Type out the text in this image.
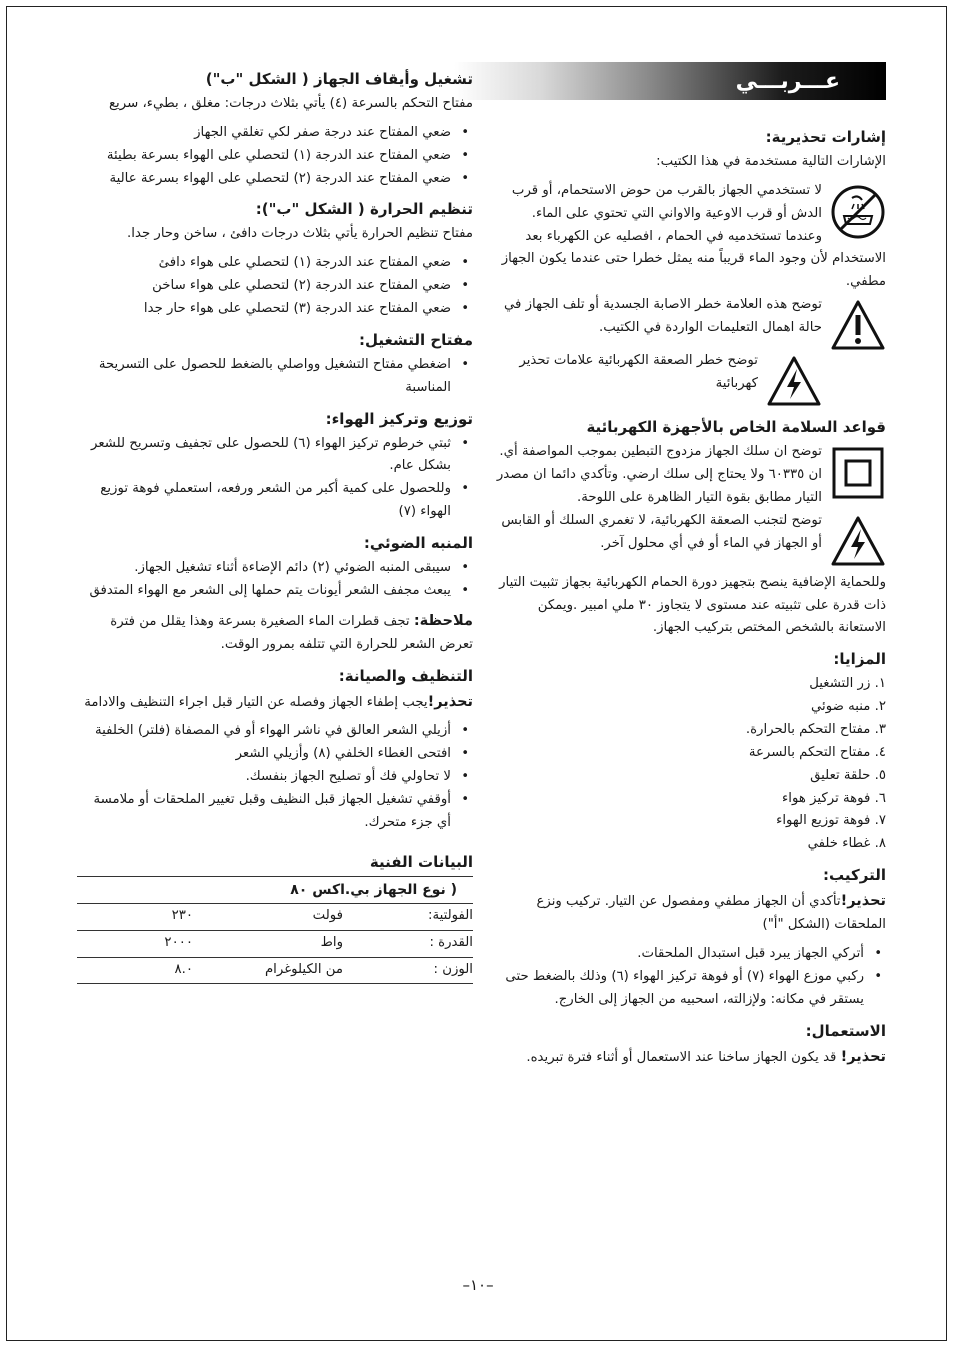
عـــربـــي
إشارات تحذيرية:

الإشارات التالية مستخدمة في هذا الكتيب:

لا تستخدمي الجهاز بالقرب من حوض الاستحمام، أو قرب الدش أو قرب الاوعية والاواني التي تحتوي على الماء. وعندما تستخدميه في الحمام ، افصليه عن الكهرباء بعد الاستخدام لأن وجود الماء قريباً منه يمثل خطرا حتى عندما يكون الجهاز مطفي.

توضح هذه العلامة خطر الاصابة الجسدية أو تلف الجهاز في حالة اهمال التعليمات الواردة في الكتيب.

توضح خطر الصعقة الكهربائية علامات تحذير كهربائية

قواعد السلامة الخاص بالأجهزة الكهربائية

توضح ان سلك الجهاز مزدوج التبطين بموجب المواصفة أي. ان ٦٠٣٣٥ ولا يحتاج إلى سلك ارضي. وتأكدي دائما ان مصدر التيار مطابق بقوة التيار الظاهرة على اللوحة.

توضح لتجنب الصعقة الكهربائية، لا تغمري السلك أو القابس أو الجهاز في الماء أو في أي محلول آخر.

وللحماية الإضافية ينصح بتجهيز دورة الحمام الكهربائية بجهاز تثبيت التيار ذات قدرة على تثبيته عند مستوى لا يتجاوز ٣٠ ملي امبير .ويمكن الاستعانة بالشخص المختص بتركيب الجهاز.

المزايا:
١. زر التشغيل
٢. منبه ضوئي
٣. مفتاح التحكم بالحرارة.
٤. مفتاح التحكم بالسرعة
٥. حلقة تعليق
٦. فوهة تركيز هواء
٧. فوهة توزيع الهواء
٨. غطاء خلفي
التركيب:

تحذير!تأكدي أن الجهاز مطفي ومفصول عن التيار. تركيب ونزع الملحقات (الشكل "أ")

• أتركي الجهاز يبرد قبل استبدال الملحقات.
• ركبي موزع الهواء (٧) أو فوهة تركيز الهواء (٦) وذلك بالضغط حتى يستقر في مكانه: ولإزالته، اسحبيه من الجهاز إلى الخارج.
الاستعمال:

تحذير! قد يكون الجهاز ساخنا عند الاستعمال أو أثناء فترة تبريده.

تشغيل وأيقاف الجهاز ( الشكل "ب")

مفتاح التحكم بالسرعة (٤) يأتي بثلاث درجات: مغلق ، بطيء، سريع

• ضعي المفتاح عند درجة صفر لكي تغلقي الجهاز
• ضعي المفتاح عند الدرجة (١) لتحصلي على الهواء بسرعة بطيئة
• ضعي المفتاح عند الدرجة (٢) لتحصلي على الهواء بسرعة عالية
تنظيم الحرارة ( الشكل "ب"):

مفتاح تنظيم الحرارة يأتي بثلاث درجات دافئ ، ساخن وحار جدا.

• ضعي المفتاح عند الدرجة (١) لتحصلي على هواء دافئ
• ضعي المفتاح عند الدرجة (٢) لتحصلي على هواء ساخن
• ضعي المفتاح عند الدرجة (٣) لتحصلي على هواء حار جدا
مفتاح التشغيل:
• اضغطي مفتاح التشغيل وواصلي بالضغط للحصول على التسريحة المناسبة
توزيع وتركيز الهواء:
• ثبتي خرطوم تركيز الهواء (٦) للحصول على تجفيف وتسريح للشعر بشكل عام.
• وللحصول على كمية أكبر من الشعر ورفعه، استعملي فوهة توزيع الهواء (٧)
المنبه الضوئي:
• سيبقى المنبه الضوئي (٢) دائم الإضاءة أثناء تشغيل الجهاز.
• يبعث مجفف الشعر أيونات يتم حملها إلى الشعر مع الهواء المتدفق

ملاحظة: تجف قطرات الماء الصغيرة بسرعة وهذا يقلل من فترة تعرض الشعر للحرارة التي تتلفه بمرور الوقت.

التنظيف والصيانة:

تحذير!يجب إطفاء الجهاز وفصله عن التيار قبل اجراء التنظيف والادامة

• أزيلي الشعر العالق في ناشر الهواء أو في المصفاة (فلتر) الخلفية
• افتحى الغطاء الخلفي (٨) وأزيلي الشعر
• لا تحاولي فك أو تصليح الجهاز بنفسك.
• أوقفي تشغيل الجهاز قبل النظيف وقبل تغيير الملحقات أو ملامسة أي جزء متحرك.
البيانات الفنية
( نوع الجهاز بي.اكس ٨٠		
الفولتية:	فولت	٢٣٠
القدرة :	واط	٢٠٠٠
الوزن :	من الكيلوغرام	٨.٠
–١٠–
